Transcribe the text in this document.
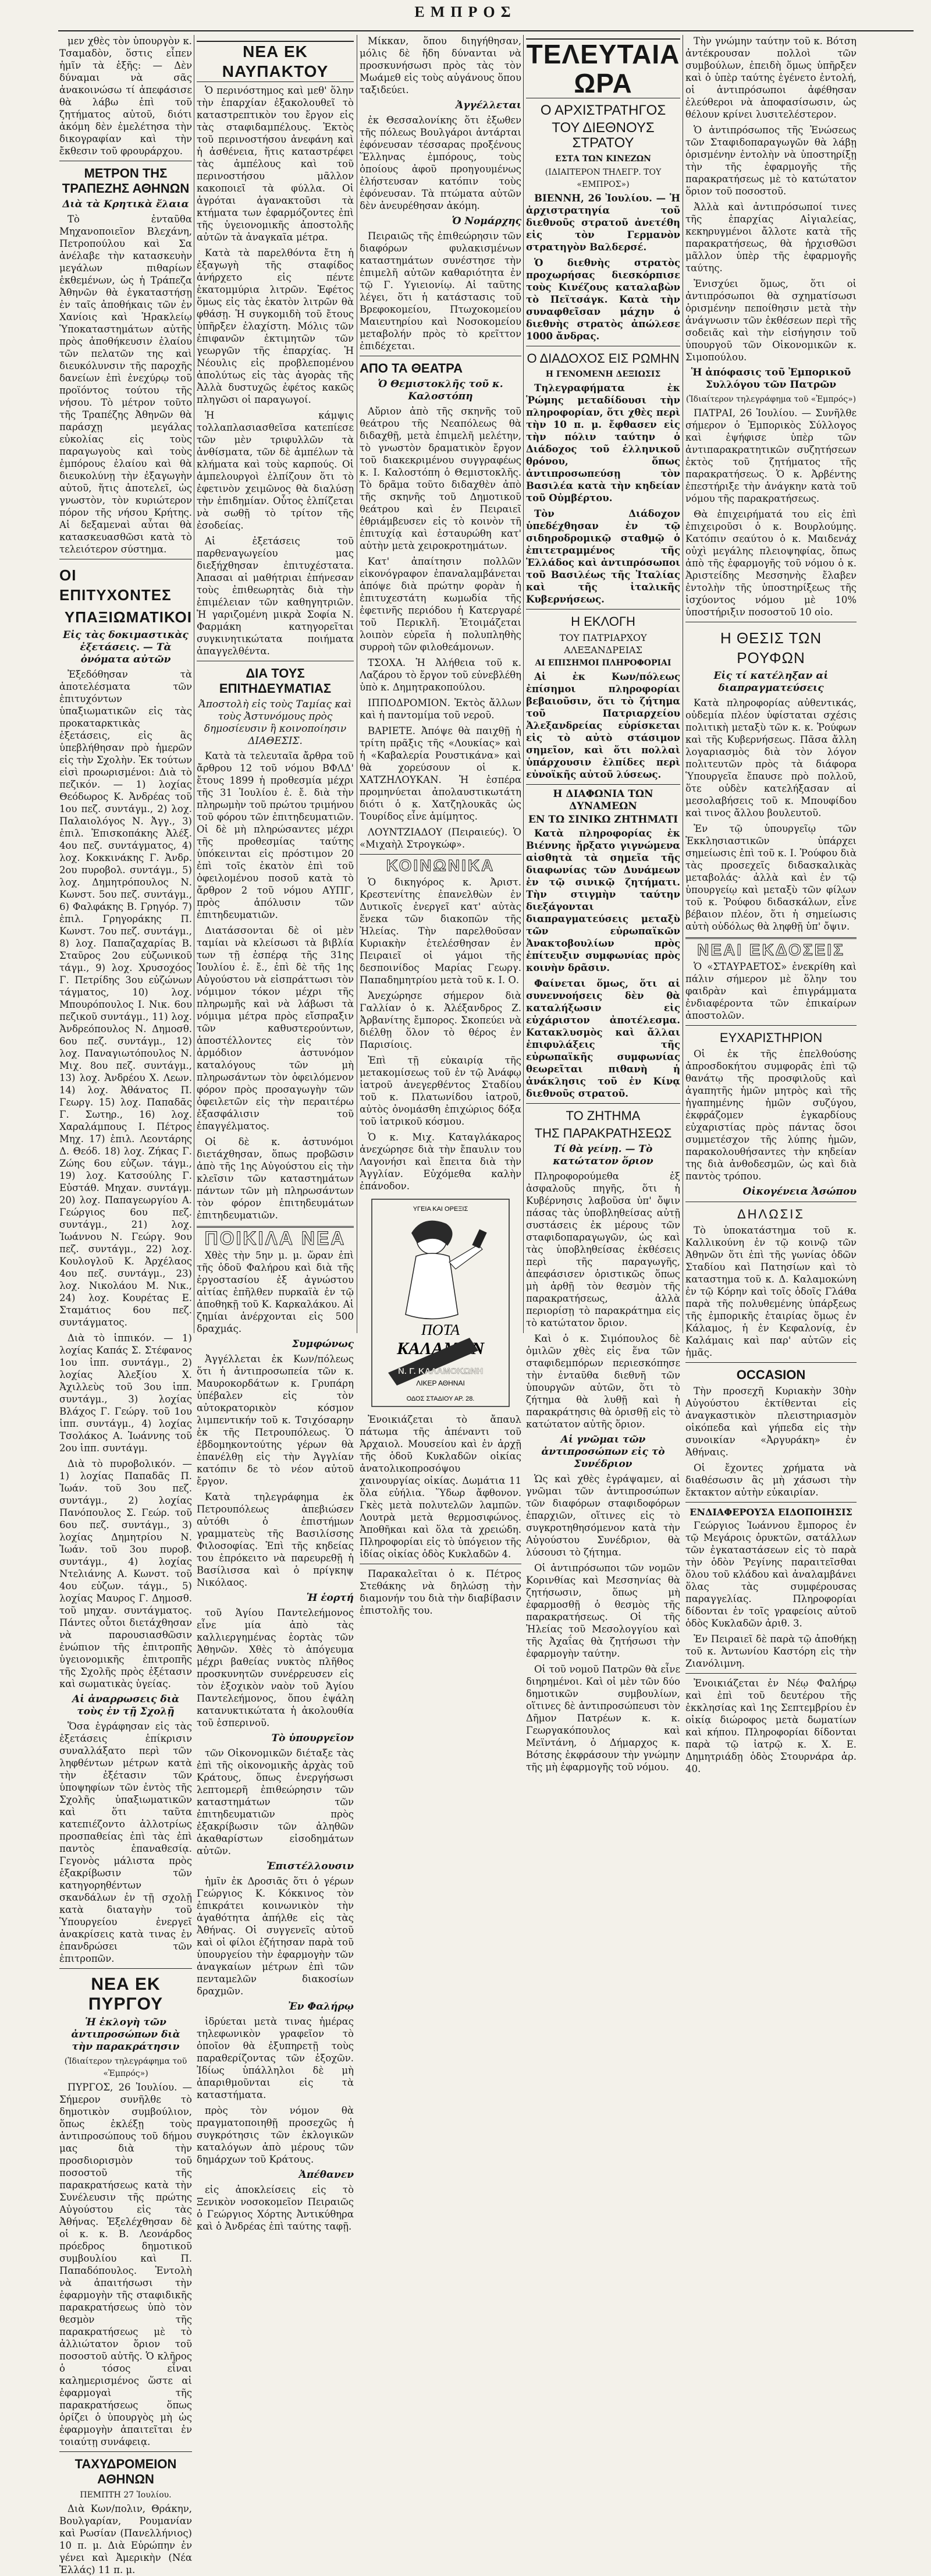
ΕΜΠΡΟΣ

μεν χθὲς τὸν ὑπουργὸν κ. Τσαμαδὸν, ὅστις εἶπεν ἡμῖν τὰ ἑξῆς: — Δὲν δύναμαι νὰ σᾶς ἀνακοινώσω τί ἀπεφάσισε θὰ λάβω ἐπὶ τοῦ ζητήματος αὐτοῦ, διότι ἀκόμη δὲν ἐμελέτησα τὴν δικογραφίαν καὶ τὴν ἔκθεσιν τοῦ φρουράρχου.

ΜΕΤΡΟΝ ΤΗΣ ΤΡΑΠΕΖΗΣ ΑΘΗΝΩΝ
Διὰ τὰ Κρητικὰ ἔλαια

Τὸ ἐνταῦθα Μηχανοποιεῖον Βλεχάνη, Πετροπούλου καὶ Σα ἀνέλαβε τὴν κατασκευὴν μεγάλων πιθαρίων ἐκθεμένων, ὡς ἡ Τράπεζα Ἀθηνῶν θὰ ἐγκαταστήσῃ ἐν ταῖς ἀποθήκαις τῶν ἐν Χανίοις καὶ Ἡρακλείῳ Ὑποκαταστημάτων αὐτῆς πρὸς ἀποθήκευσιν ἐλαίου τῶν πελατῶν της καὶ διευκόλυνσιν τῆς παροχῆς δανείων ἐπὶ ἐνεχύρῳ τοῦ προϊόντος τούτου τῆς νήσου. Τὸ μέτρον τοῦτο τῆς Τραπέζης Ἀθηνῶν θὰ παράσχῃ μεγάλας εὐκολίας εἰς τοὺς παραγωγοὺς καὶ τοὺς ἐμπόρους ἐλαίου καὶ θὰ διευκολύνῃ τὴν ἐξαγωγὴν αὐτοῦ, ἥτις ἀποτελεῖ, ὡς γνωστὸν, τὸν κυριώτερον πόρον τῆς νήσου Κρήτης. Αἱ δεξαμεναὶ αὗται θὰ κατασκευασθῶσι κατὰ τὸ τελειότερον σύστημα.

ΟΙ ΕΠΙΤΥΧΟΝΤΕΣ
ΥΠΑΞΙΩΜΑΤΙΚΟΙ
Εἰς τὰς δοκιμαστικὰς ἐξετάσεις. — Τὰ ὀνόματα αὐτῶν

Ἐξεδόθησαν τὰ ἀποτελέσματα τῶν ἐπιτυχόντων ὑπαξιωματικῶν εἰς τὰς προκαταρκτικὰς ἐξετάσεις, εἰς ἃς ὑπεβλήθησαν πρὸ ἡμερῶν εἰς τὴν Σχολὴν. Ἐκ τούτων εἰσὶ προωρισμένοι: Διὰ τὸ πεζικόν. — 1) λοχίας Θεόδωρος Κ. Ἀνδρέας τοῦ 1ου πεζ. συντάγμ., 2) λοχ. Παλαιολόγος Ν. Ἀγγ., 3) ἐπιλ. Ἐπισκοπάκης Ἀλέξ. 4ου πεζ. συντάγματος, 4) λοχ. Κοκκινάκης Γ. Ἀνδρ. 2ου πυροβολ. συντάγμ., 5) λοχ. Δημητρόπουλος Ν. Κωνστ. 5ου πεζ. συντάγμ., 6) Φαλφάκης Β. Γρηγόρ. 7) ἐπιλ. Γρηγοράκης Π. Κωνστ. 7ου πεζ. συντάγμ., 8) λοχ. Παπαζαχαρίας Β. Σταῦρος 2ου εὐζωνικοῦ τάγμ., 9) λοχ. Χρυσοχόος Γ. Πετρίδης 3ου εὐζώνων τάγματος, 10) λοχ. Μπουρόπουλος Ι. Νικ. 6ου πεζικοῦ συντάγμ., 11) λοχ. Ἀνδρεόπουλος Ν. Δημοσθ. 6ου πεζ. συντάγμ., 12) λοχ. Παναγιωτόπουλος Ν. Μιχ. 8ου πεζ. συντάγμ., 13) λοχ. Ἀνδρέου Χ. Λεων. 14) λοχ. Ἀθάνατος Π. Γεωργ. 15) λοχ. Παπαδᾶς Γ. Σωτηρ., 16) λοχ. Χαραλάμπους Ι. Πέτρος Μηχ. 17) ἐπιλ. Λεοντάρης Δ. Θεόδ. 18) λοχ. Ζήκας Γ. Ζώης 6ου εὐζων. τάγμ., 19) λοχ. Κατσούλης Γ. Εὐστάθ. Μηχαν. συντάγμ. 20) λοχ. Παπαγεωργίου Α. Γεώργιος 6ου πεζ. συντάγμ., 21) λοχ. Ἰωάννου Ν. Γεώργ. 9ου πεζ. συντάγμ., 22) λοχ. Κουλογλοῦ Κ. Ἀρχέλαος 4ου πεζ. συντάγμ., 23) λοχ. Νικολάου Μ. Νικ., 24) λοχ. Κουρέτας Ε. Σταμάτιος 6ου πεζ. συντάγματος.

Διὰ τὸ ἱππικόν. — 1) λοχίας Καπάς Σ. Στέφανος 1ου ἱππ. συντάγμ., 2) λοχίας Ἀλεξίου Χ. Ἀχιλλεὺς τοῦ 3ου ἱππ. συντάγμ., 3) λοχίας Βλάχος Γ. Γεώργ. τοῦ 1ου ἱππ. συντάγμ., 4) λοχίας Τσολάκος Α. Ἰωάννης τοῦ 2ου ἱππ. συντάγμ.

Διὰ τὸ πυροβολικόν. — 1) λοχίας Παπαδᾶς Π. Ἰωάν. τοῦ 3ου πεζ. συντάγμ., 2) λοχίας Πανόπουλος Σ. Γεώρ. τοῦ 6ου πεζ. συντάγμ., 3) λοχίας Δημητρίου Ν. Ἰωάν. τοῦ 3ου πυροβ. συντάγμ., 4) λοχίας Ντελιάνης Α. Κωνστ. τοῦ 4ου εὐζων. τάγμ., 5) λοχίας Μαυρος Γ. Δημοσθ. τοῦ μηχαν. συντάγματος. Πάντες οὗτοι διετάχθησαν νὰ παρουσιασθῶσιν ἐνώπιον τῆς ἐπιτροπῆς ὑγειονομικῆς ἐπιτροπῆς τῆς Σχολῆς πρὸς ἐξέτασιν καὶ σωματικὰς ὑγείας.

Αἱ ἀναρρωσεις διὰ τοὺς ἐν τῇ Σχολῇ

Ὅσα ἐγράφησαν εἰς τὰς ἐξετάσεις ἐπίκρισιν συναλλάξατο περὶ τῶν ληφθέντων μέτρων κατὰ τὴν ἐξέτασιν τῶν ὑποψηφίων τῶν ἐντὸς τῆς Σχολῆς ὑπαξιωματικῶν καὶ ὅτι ταῦτα κατεπιέζοντο ἀλλοτρίως προσπαθείας ἐπὶ τὰς ἐπὶ παντὸς ἐπαναθεσίᾳ. Γεγονὸς μάλιστα πρὸς ἐξακρίβωσιν τῶν κατηγορηθέντων σκανδάλων ἐν τῇ σχολῇ κατὰ διαταγὴν τοῦ Ὑπουργείου ἐνεργεῖ ἀνακρίσεις κατὰ τινας ἐν ἐπανδρώσει τῶν ἐπιτροπῶν.

ΝΕΑ ΕΚ ΠΥΡΓΟΥ
Ἡ ἐκλογὴ τῶν ἀντιπροσώπων διὰ τὴν παρακράτησιν
(Ἰδιαίτερον τηλεγράφημα τοῦ «Ἐμπρός»)

ΠΥΡΓΟΣ, 26 Ἰουλίου. — Σήμερον συνῆλθε τὸ δημοτικὸν συμβούλιον, ὅπως ἐκλέξῃ τοὺς ἀντιπροσώπους τοῦ δήμου μας διὰ τὴν προσδιορισμὸν τοῦ ποσοστοῦ τῆς παρακρατήσεως κατὰ τὴν Συνέλευσιν τῆς πρώτης Αὐγούστου εἰς τὰς Ἀθήνας. Ἐξελέχθησαν δὲ οἱ κ. κ. Β. Λεονάρδος πρόεδρος δημοτικοῦ συμβουλίου καὶ Π. Παπαδόπουλος. Ἐντολὴ νὰ ἀπαιτήσωσι τὴν ἐφαρμογὴν τῆς σταφιδικῆς παρακρατήσεως ὑπὸ τὸν θεσμὸν τῆς παρακρατήσεως μὲ τὸ ἀλλιώτατον ὅριον τοῦ ποσοστοῦ αὐτῆς. Ὁ κλῆρος ὁ τόσος εἶναι καλημερισμένος ὥστε αἱ ἐφαρμογαὶ τῆς παρακρατήσεως ὅπως ὁρίζει ὁ ὑπουργὸς μὴ ὡς ἐφαρμογὴν ἀπαιτεῖται ἐν τοιαύτῃ συνάφειᾳ.

ΤΑΧΥΔΡΟΜΕΙΟΝ ΑΘΗΝΩΝ
ΠΕΜΠΤΗ 27 Ἰουλίου.

Διὰ Κων/πολιν, Θράκην, Βουλγαρίαν, Ρουμανίαν καὶ Ρωσίαν (Πανελλήνιος) 10 π. μ. Διὰ Εὐρώπην ἐν γένει καὶ Ἀμερικὴν (Νέα Ἑλλάς) 11 π. μ.

ΝΕΑ ΕΚ ΝΑΥΠΑΚΤΟΥ

Ὁ περινόστημος καὶ μεθ' ὅλην τὴν ἐπαρχίαν ἐξακολουθεῖ τὸ καταστρεπτικὸν του ἔργον εἰς τὰς σταφιδαμπέλους. Ἐκτὸς τοῦ περινοστήσου ἀνεφάνη καὶ ἡ ἀσθένεια, ἥτις καταστρέφει τὰς ἀμπέλους καὶ τοῦ περινοστήσου μᾶλλον κακοποιεῖ τὰ φύλλα. Οἱ ἀγρόται ἀγανακτοῦσι τὰ κτήματα των ἐφαρμόζοντες ἐπὶ τῆς ὑγειονομικῆς ἀποστολῆς αὐτῶν τὰ ἀναγκαῖα μέτρα.

Κατὰ τὰ παρελθόντα ἔτη ἡ ἐξαγωγὴ τῆς σταφίδος ἀνήρχετο εἰς πέντε ἑκατομμύρια λιτρῶν. Ἐφέτος ὅμως εἰς τὰς ἑκατὸν λιτρῶν θὰ φθάσῃ. Ἡ συγκομιδὴ τοῦ ἔτους ὑπῆρξεν ἐλαχίστη. Μόλις τῶν ἐπιφανῶν ἐκτιμητῶν τῶν γεωργῶν τῆς ἐπαρχίας. Ἡ Νέουλις εἰς προβλεπομένου ἀπολύτως εἰς τὰς ἀγορὰς τῆς Ἀλλὰ δυστυχῶς ἐφέτος κακῶς πληγῶσι οἱ παραγωγοί.

Ἡ κάμψις τολλαπλασιασθεῖσα κατεπίεσε τῶν μὲν τριφυλλῶν τὰ ἀνθίσματα, τῶν δὲ ἀμπέλων τὰ κλήματα καὶ τοὺς καρπούς. Οἱ ἀμπελουργοὶ ἐλπίζουν ὅτι τὸ ἐφετινὸν χειμῶνος θὰ διαλύσῃ τὴν ἐπιδημίαν. Οὗτος ἐλπίζεται νὰ σωθῇ τὸ τρίτον τῆς ἐσοδείας.

Αἱ ἐξετάσεις τοῦ παρθεναγωγείου μας διεξήχθησαν ἐπιτυχέστατα. Ἀπασαι αἱ μαθήτριαι ἐπήνεσαν τοὺς ἐπιθεωρητὰς διὰ τὴν ἐπιμέλειαν τῶν καθηγητριῶν. Ἡ γαριζομένη μικρὰ Σοφία Ν. Φαρμάκη κατηγορεῖται συγκινητικώτατα ποιήματα ἀπαγγελθέντα.

ΔΙΑ ΤΟΥΣ ΕΠΙΤΗΔΕΥΜΑΤΙΑΣ
Ἀποστολὴ εἰς τοὺς Ταμίας καὶ τοὺς Ἀστυνόμους πρὸς δημοσίευσιν ἢ κοινοποίησιν ΔΙΑΘΕΣΙΣ.

Κατὰ τὰ τελευταῖα ἄρθρα τοῦ ἄρθρου 12 τοῦ νόμου ΒΦΛΔ' ἔτους 1899 ἡ προθεσμία μέχρι τῆς 31 Ἰουλίου ἐ. ἔ. διὰ τὴν πληρωμὴν τοῦ πρώτου τριμήνου τοῦ φόρου τῶν ἐπιτηδευματιῶν. Οἱ δὲ μὴ πληρώσαντες μέχρι τῆς προθεσμίας ταύτης ὑπόκεινται εἰς πρόστιμον 20 ἐπὶ τοῖς ἑκατὸν ἐπὶ τοῦ ὀφειλομένου ποσοῦ κατὰ τὸ ἄρθρον 2 τοῦ νόμου ΑΥΠΓ, πρὸς ἀπόλυσιν τῶν ἐπιτηδευματιῶν.

Διατάσσονται δὲ οἱ μὲν ταμίαι νὰ κλείσωσι τὰ βιβλία των τῇ ἑσπέρᾳ τῆς 31ης Ἰουλίου ἐ. ἔ., ἐπὶ δὲ τῆς 1ης Αὐγούστου νὰ εἰσπράττωσι τὸν νόμιμον τόκον μέχρι τῆς πληρωμῆς καὶ νὰ λάβωσι τὰ νόμιμα μέτρα πρὸς εἴσπραξιν τῶν καθυστερούντων, ἀποστέλλοντες εἰς τὸν ἀρμόδιον ἀστυνόμον καταλόγους τῶν μὴ πληρωσάντων τὸν ὀφειλόμενον φόρον πρὸς προσαγωγὴν τῶν ὀφειλετῶν εἰς τὴν περαιτέρω ἐξασφάλισιν τοῦ ἐπαγγέλματος.

Οἱ δὲ κ. ἀστυνόμοι διετάχθησαν, ὅπως προβῶσιν ἀπὸ τῆς 1ης Αὐγούστου εἰς τὴν κλεῖσιν τῶν καταστημάτων πάντων τῶν μὴ πληρωσάντων τὸν φόρον ἐπιτηδευμάτων ἐπιτηδευματιῶν.

ΠΟΙΚΙΛΑ ΝΕΑ

Χθὲς τὴν 5ην μ. μ. ὥραν ἐπὶ τῆς ὁδοῦ Φαλήρου καὶ διὰ τῆς ἐργοστασίου ἐξ ἀγνώστου αἰτίας ἐπῆλθεν πυρκαϊὰ ἐν τῷ ἀποθηκῇ τοῦ Κ. Καρκαλάκου. Αἱ ζημίαι ἀνέρχονται εἰς 500 δραχμάς.

Συμφώνως

Ἀγγέλλεται ἐκ Κων/πόλεως ὅτι ἡ ἀντιπροσωπεία τῶν κ. Μαυροκορδάτων κ. Γρυπάρη ὑπέβαλεν εἰς τὸν αὐτοκρατορικὸν κόσμον λιμπεντικήν τοῦ κ. Τσιχόσαρην ἐκ τῆς Πετρουπόλεως. Ὁ ἐβδομηκοντούτης γέρων θὰ ἐπανέλθῃ εἰς τὴν Ἀγγλίαν κατόπιν δε τὸ νέον αὐτοῦ ἔργον.

Κατὰ τηλεγράφημα ἐκ Πετρουπόλεως ἀπεβιώσεν αὐτόθι ὁ ἐπιστήμων γραμματεὺς τῆς Βασιλίσσης Φιλοσοφίας. Ἐπὶ τῆς κηδείας του ἐπρόκειτο νὰ παρευρεθῇ ἡ Βασίλισσα καὶ ὁ πρίγκηψ Νικόλαος.

Ἡ ἑορτή

τοῦ Ἁγίου Παντελεήμονος εἶνε μία ἀπὸ τὰς καλλιεργημένας ἑορτὰς τῶν Ἀθηνῶν. Χθὲς τὸ ἀπόγευμα μέχρι βαθείας νυκτὸς πλῆθος προσκυνητῶν συνέρρευσεν εἰς τὸν ἐξοχικὸν ναὸν τοῦ Ἁγίου Παντελεήμονος, ὅπου ἐψάλη κατανυκτικώτατα ἡ ἀκολουθία τοῦ ἑσπερινοῦ.

Τὸ ὑπουργεῖον

τῶν Οἰκονομικῶν διέταξε τὰς ἐπὶ τῆς οἰκονομικῆς ἀρχὰς τοῦ Κράτους, ὅπως ἐνεργήσωσι λεπτομερῆ ἐπιθεώρησιν τῶν καταστημάτων τῶν ἐπιτηδευματιῶν πρὸς ἐξακρίβωσιν τῶν ἀληθῶν ἀκαθαρίστων εἰσοδημάτων αὐτῶν.

Ἐπιστέλλουσιν

ἡμῖν ἐκ Δροσιᾶς ὅτι ὁ γέρων Γεώργιος Κ. Κόκκινος τὸν ἐπικράτει κοινωνικὸν τὴν ἀγαθότητα ἀπήλθε εἰς τὰς Ἀθήνας. Οἱ συγγενεῖς αὐτοῦ καὶ οἱ φίλοι ἐζήτησαν παρὰ τοῦ ὑπουργείου τὴν ἐφαρμογὴν τῶν ἀναγκαίων μέτρων ἐπὶ τῶν πενταμελῶν διακοσίων δραχμῶν.

Ἐν Φαλήρῳ

ἰδρύεται μετὰ τινας ἡμέρας τηλεφωνικὸν γραφεῖον τὸ ὁποῖον θὰ ἐξυπηρετῇ τοὺς παραθερίζοντας τῶν ἐξοχῶν. Ἰδίως ὑπάλληλοι δὲ μὴ ἀπαριθμοῦνται εἰς τὰ καταστήματα.

πρὸς τὸν νόμον θὰ πραγματοποιηθῇ προσεχῶς ἡ συγκρότησις τῶν ἐκλογικῶν καταλόγων ἀπὸ μέρους τῶν δημάρχων τοῦ Κράτους.

Ἀπέθανεν

εἰς ἀποκλείσεις εἰς τὸ Ξενικὸν νοσοκομεῖον Πειραιῶς ὁ Γεώργιος Χόρτης Ἀντικύθηρα καὶ ὁ Ἀνδρέας ἐπὶ ταύτης ταφῇ.

Μίκκαν, ὅπου διηγήθησαν, μόλις δὲ ἤδη δύνανται νὰ προσκυνήσωσι πρὸς τὰς τὸν Μωάμεθ εἰς τοὺς αὐγάνους ὅπου ταξιδεύει.

Ἀγγέλλεται

ἐκ Θεσσαλονίκης ὅτι ἐξωθεν τῆς πόλεως Βουλγάροι ἀντάρται ἐφόνευσαν τέσσαρας προξένους Ἕλληνας ἐμπόρους, τοὺς ὁποίους ἀφοῦ προηγουμένως ἐλήστευσαν κατόπιν τοὺς ἐφόνευσαν. Τὰ πτώματα αὐτῶν δὲν ἀνευρέθησαν ἀκόμη.

Ὁ Νομάρχης

Πειραιῶς τῆς ἐπιθεώρησιν τῶν διαφόρων φυλακισμένων καταστημάτων συνέστησε τὴν ἐπιμελῆ αὐτῶν καθαριότητα ἐν τῷ Γ. Υγιειονίῳ. Αἱ ταῦτης λέγει, ὅτι ἡ κατάστασις τοῦ Βρεφοκομείου, Πτωχοκομείου Μαιευτηρίου καὶ Νοσοκομείου μεταβολήν πρὸς τὸ κρεῖττον ἐπιδέχεται.

ΑΠΟ ΤΑ ΘΕΑΤΡΑ
Ὁ Θεμιστοκλῆς τοῦ κ. Καλοστόπη

Αὔριον ἀπὸ τῆς σκηνῆς τοῦ θεάτρου τῆς Νεαπόλεως θὰ διδαχθῇ, μετὰ ἐπιμελῆ μελέτην, τὸ γνωστὸν δραματικὸν ἔργον τοῦ διακεκριμένου συγγραφέως κ. Ι. Καλοστόπη ὁ Θεμιστοκλῆς. Τὸ δρᾶμα τοῦτο διδαχθὲν ἀπὸ τῆς σκηνῆς τοῦ Δημοτικοῦ θεάτρου καὶ ἐν Πειραιεῖ ἐθριάμβευσεν εἰς τὸ κοινὸν τῆ ἐπιτυχίᾳ καὶ ἐσταυρώθη κατ' αὐτὴν μετὰ χειροκροτημάτων.

Κατ' ἀπαίτησιν πολλῶν εἰκονόγραφον ἐπαναλαμβάνεται ἀπόψε διὰ πρώτην φορὰν ἡ ἐπιτυχεστάτη κωμωδία τῆς ἐφετινῆς περιόδου ἡ Κατεργαρέ τοῦ Περικλῆ. Ἐτοιμάζεται λοιπὸν εὐρεῖα ἡ πολυπληθὴς συρροὴ τῶν φιλοθεάμονων.

ΤΣΟΧΑ. Ἡ Ἀλήθεια τοῦ κ. Λαζάρου τὸ ἔργον τοῦ εὐνεβλέθη ὑπὸ κ. Δημητρακοπούλου.

ΙΠΠΟΔΡΟΜΙΟΝ. Ἐκτὸς ἄλλων καὶ ἡ παντομίμα τοῦ νεροῦ.

ΒΑΡΙΕΤΕ. Ἀπόψε θὰ παιχθῇ ἡ τρίτη πρᾶξις τῆς «Λουκίας» καὶ ἡ «Καβαλερία Ρουστικάνα» καὶ θὰ χορεύσουν οἱ κ. ΧΑΤΖΗΛΟΥΚΑΝ. Ἡ ἑσπέρα προμηνύεται ἀπολαυστικωτάτη διότι ὁ κ. Χατζηλουκᾶς ὡς Τουρίδος εἶνε ἀμίμητος.

ΛΟΥΝΤΖΙΑΔΟΥ (Πειραιεύς). Ὁ «Μιχαὴλ Στρογκώφ».

ΚΟΙΝΩΝΙΚΑ

Ὁ δικηγόρος κ. Ἀριστ. Κρεστενίτης ἐπανελθὼν ἐν Δυτικοῖς ἐνεργεῖ κατ' αὐτὰς ἕνεκα τῶν διακοπῶν τῆς Ἠλείας. Τὴν παρελθοῦσαν Κυριακὴν ἐτελέσθησαν ἐν Πειραιεῖ οἱ γάμοι τῆς δεσποινίδος Μαρίας Γεωργ. Παπαδημητρίου μετὰ τοῦ κ. Ι. Ο.

Ἀνεχώρησε σήμερον διὰ Γαλλίαν ὁ κ. Ἀλέξανδρος Ζ. Ἀρβανίτης ἔμπορος. Σκοπεύει νὰ διέλθῃ ὅλον τὸ θέρος ἐν Παρισίοις.

Ἐπὶ τῇ εὐκαιρίᾳ τῆς μετακομίσεως τοῦ ἐν τῷ Ἀνάφῳ ἰατροῦ ἀνεγερθέντος Σταδίου τοῦ κ. Πλατωνίδου ἰατροῦ, αὐτὸς ὀνομάσθη ἐπιχώριος δόξα τοῦ ἰατρικοῦ κόσμου.

Ὁ κ. Μιχ. Καταγλάκαρος ἀνεχώρησε διὰ τὴν ἔπαυλιν του Λαγονήσι καὶ ἔπειτα διὰ τὴν Ἀγγλίαν. Εὐχόμεθα καλὴν ἐπάνοδον.

ΥΓΕΙΑ ΚΑΙ ΟΡΕΞΙΣ
ΠΟΤΑ
ΚΑΛΑΜΟΝ
Ν. Γ. ΚΑΛΑΜΟΚΩΝΗ
ΛΙΚΕΡ ΑΘΗΝΑΙ
ΟΔΟΣ ΣΤΑΔΙΟΥ ΑΡ. 28.

Ἐνοικιάζεται τὸ ἄπαυλ πάτωμα τῆς ἀπέναντι τοῦ Ἀρχαιολ. Μουσείου καὶ ἐν ἀρχῇ τῆς ὁδοῦ Κυκλαδῶν οἰκίας ἀνατολικοπροσόψου χαινουργίας οἰκίας. Δωμάτια 11 ὅλα εὐήλια. Ὕδωρ ἄφθονον. Γκὲς μετὰ πολυτελῶν λαμπῶν. Λουτρὰ μετὰ θερμοσιφώνος. Ἀποθῆκαι καὶ ὅλα τὰ χρειώδη. Πληροφορίαι εἰς τὸ ὑπόγειον τῆς ἰδίας οἰκίας ὁδὸς Κυκλαδῶν 4.

Παρακαλεῖται ὁ κ. Πέτρος Στεθάκης νὰ δηλώσῃ τὴν διαμονήν του διὰ τὴν διαβίβασιν ἐπιστολῆς του.

ΤΕΛΕΥΤΑΙΑ ΩΡΑ
Ο ΑΡΧΙΣΤΡΑΤΗΓΟΣ
ΤΟΥ ΔΙΕΘΝΟΥΣ ΣΤΡΑΤΟΥ
ΕΣΤΑ ΤΩΝ ΚΙΝΕΖΩΝ
(ΙΔΙΑΙΤΕΡΟΝ ΤΗΛΕΓΡ. ΤΟΥ «ΕΜΠΡΟΣ»)

ΒΙΕΝΝΗ, 26 Ἰουλίου. — Ἡ ἀρχιστρατηγία τοῦ διεθνοῦς στρατοῦ ἀνετέθη εἰς τὸν Γερμανὸν στρατηγὸν Βαλδερσέ.

Ὁ διεθνὴς στρατὸς προχωρήσας διεσκόρπισε τοὺς Κινέζους καταλαβὼν τὸ Πεϊτσάγκ. Κατὰ τὴν συναφθεῖσαν μάχην ὁ διεθνὴς στρατὸς ἀπώλεσε 1000 ἄνδρας.

Ο ΔΙΑΔΟΧΟΣ ΕΙΣ ΡΩΜΗΝ
Η ΓΕΝΟΜΕΝΗ ΔΕΞΙΩΣΙΣ

Τηλεγραφήματα ἐκ Ῥώμης μεταδίδουσι τὴν πληροφορίαν, ὅτι χθὲς περὶ τὴν 10 π. μ. ἔφθασεν εἰς τὴν πόλιν ταύτην ὁ Διάδοχος τοῦ ἑλληνικοῦ θρόνου, ὅπως ἀντιπροσωπεύσῃ τὸν Βασιλέα κατὰ τὴν κηδείαν τοῦ Οὐμβέρτου.

Τὸν Διάδοχον ὑπεδέχθησαν ἐν τῷ σιδηροδρομικῷ σταθμῷ ὁ ἐπιτετραμμένος τῆς Ἑλλάδος καὶ ἀντιπρόσωποι τοῦ Βασιλέως τῆς Ἰταλίας καὶ τῆς ἰταλικῆς Κυβερνήσεως.

Η ΕΚΛΟΓΗ
ΤΟΥ ΠΑΤΡΙΑΡΧΟΥ ΑΛΕΞΑΝΔΡΕΙΑΣ
ΑΙ ΕΠΙΣΗΜΟΙ ΠΛΗΡΟΦΟΡΙΑΙ

Αἱ ἐκ Κων/πόλεως ἐπίσημοι πληροφορίαι βεβαιοῦσιν, ὅτι τὸ ζήτημα τοῦ Πατριαρχείου Ἀλεξανδρείας εὑρίσκεται εἰς τὸ αὐτὸ στάσιμον σημεῖον, καὶ ὅτι πολλαὶ ὑπάρχουσιν ἐλπίδες περὶ εὐνοϊκῆς αὐτοῦ λύσεως.

Η ΔΙΑΦΩΝΙΑ ΤΩΝ ΔΥΝΑΜΕΩΝ
ΕΝ ΤΩ ΣΙΝΙΚΩ ΖΗΤΗΜΑΤΙ

Κατὰ πληροφορίας ἐκ Βιέννης ἤρξατο γιγνώμενα αἰσθητὰ τὰ σημεῖα τῆς διαφωνίας τῶν Δυνάμεων ἐν τῷ σινικῷ ζητήματι. Τὴν στιγμὴν ταύτην διεξάγονται διαπραγματεύσεις μεταξὺ τῶν εὐρωπαϊκῶν Ἀνακτοβουλίων πρὸς ἐπίτευξιν συμφωνίας πρὸς κοινὴν δρᾶσιν.

Φαίνεται ὅμως, ὅτι αἱ συνεννοήσεις δὲν θὰ καταλήξωσιν εἰς εὐχάριστον ἀποτέλεσμα. Κατακλυσμὸς καὶ ἄλλαι ἐπιφυλάξεις τῆς εὐρωπαϊκῆς συμφωνίας θεωρεῖται πιθανὴ ἡ ἀνάκλησις τοῦ ἐν Κίνᾳ διεθνοῦς στρατοῦ.

ΤΟ ΖΗΤΗΜΑ
ΤΗΣ ΠΑΡΑΚΡΑΤΗΣΕΩΣ
Τί θὰ γείνῃ. — Τὸ κατώτατον ὅριον

Πληροφορούμεθα ἐξ ἀσφαλοῦς πηγῆς, ὅτι ἡ Κυβέρνησις λαβοῦσα ὑπ' ὄψιν πάσας τὰς ὑποβληθείσας αὐτῇ συστάσεις ἐκ μέρους τῶν σταφιδοπαραγωγῶν, ὡς καὶ τὰς ὑποβληθείσας ἐκθέσεις περὶ τῆς παραγωγῆς, ἀπεφάσισεν ὁριστικῶς ὅπως μὴ ἀρθῇ τὸν θεσμὸν τῆς παρακρατήσεως, ἀλλὰ περιορίσῃ τὸ παρακράτημα εἰς τὸ κατώτατον ὅριον.

Καὶ ὁ κ. Σιμόπουλος δὲ ὁμιλῶν χθὲς εἰς ἕνα τῶν σταφιδεμπόρων περιεσκόπησε τὴν ἐνταῦθα διεθνῆ τῶν ὑπουργῶν αὐτῶν, ὅτι τὸ ζήτημα θὰ λυθῇ καὶ ἡ παρακράτησις θὰ ὁρισθῇ εἰς τὸ κατώτατον αὐτῆς ὅριον.

Αἱ γνῶμαι τῶν ἀντιπροσώπων εἰς τὸ Συνέδριον

Ὡς καὶ χθὲς ἐγράψαμεν, αἱ γνῶμαι τῶν ἀντιπροσώπων τῶν διαφόρων σταφιδοφόρων ἐπαρχιῶν, οἵτινες εἰς τὸ συγκροτηθησόμενον κατὰ τὴν Αὐγούστου Συνέδριον, θὰ λύσουσι τὸ ζήτημα.

Οἱ ἀντιπρόσωποι τῶν νομῶν Κορινθίας καὶ Μεσσηνίας θὰ ζητήσωσιν, ὅπως μὴ ἐφαρμοσθῇ ὁ θεσμὸς τῆς παρακρατήσεως. Οἱ τῆς Ἠλείας τοῦ Μεσολογγίου καὶ τῆς Ἀχαΐας θὰ ζητήσωσι τὴν ἐφαρμογὴν ταύτην.

Οἱ τοῦ νομοῦ Πατρῶν θὰ εἶνε διηρημένοι. Καὶ οἱ μὲν τῶν δύο δημοτικῶν συμβουλίων, οἵτινες δὲ ἀντιπροσώπευσι τὸν Δῆμον Πατρέων κ. κ. Γεωργακόπουλος καὶ Μεϊντάνη, ὁ Δήμαρχος κ. Βότσης ἐκφράσουν τὴν γνώμην τῆς μὴ ἐφαρμογῆς τοῦ νόμου.

Τὴν γνώμην ταύτην τοῦ κ. Βότση ἀντέκρουσαν πολλοὶ τῶν συμβούλων, ἐπειδὴ ὅμως ὑπῆρξεν καὶ ὁ ὑπὲρ ταύτης ἐγένετο ἐντολή, οἱ ἀντιπρόσωποι ἀφέθησαν ἐλεύθεροι νὰ ἀποφασίσωσιν, ὡς θέλουν κρίνει λυσιτελέστερον.

Ὁ ἀντιπρόσωπος τῆς Ἑνώσεως τῶν Σταφιδοπαραγωγῶν θὰ λάβῃ ὁρισμένην ἐντολὴν νὰ ὑποστηρίξῃ τὴν τῆς ἐφαρμογῆς τῆς παρακρατήσεως μὲ τὸ κατώτατον ὅριον τοῦ ποσοστοῦ.

Ἀλλὰ καὶ ἀντιπρόσωποί τινες τῆς ἐπαρχίας Αἰγιαλείας, κεκηρυγμένοι ἄλλοτε κατὰ τῆς παρακρατήσεως, θὰ ἠρχισθῶσι μᾶλλον ὑπὲρ τῆς ἐφαρμογῆς ταύτης.

Ἐνισχύει ὅμως, ὅτι οἱ ἀντιπρόσωποι θὰ σχηματίσωσι ὁρισμένην πεποίθησιν μετὰ τὴν ἀνάγνωσιν τῶν ἐκθέσεων περὶ τῆς σοδειᾶς καὶ τὴν εἰσήγησιν τοῦ ὑπουργοῦ τῶν Οἰκονομικῶν κ. Σιμοπούλου.

Ἡ ἀπόφασις τοῦ Ἐμπορικοῦ Συλλόγου τῶν Πατρῶν
(Ἰδιαίτερον τηλεγράφημα τοῦ «Ἐμπρός»)

ΠΑΤΡΑΙ, 26 Ἰουλίου. — Συνῆλθε σήμερον ὁ Ἐμπορικὸς Σύλλογος καὶ ἐψήφισε ὑπὲρ τῶν ἀντιπαρακρατητικῶν συζητήσεων ἐκτὸς τοῦ ζητήματος τῆς παρακρατήσεως. Ὁ κ. Ἀρβέντης ἐπεστήριξε τὴν ἀνάγκην κατὰ τοῦ νόμου τῆς παρακρατήσεως.

Θὰ ἐπιχειρήματά του εἰς ἐπὶ ἐπιχειροῦσι ὁ κ. Βουρλούμης. Κατόπιν σεαύτου ὁ κ. Μαιδενάχ οὐχὶ μεγάλης πλειοψηφίας, ὅπως ἀπὸ τῆς ἐφαρμογῆς τοῦ νόμου ὁ κ. Ἀριστείδης Μεσσηνὴς ἔλαβεν ἐντολὴν τῆς ὑποστηρίξεως τῆς ἰσχύοντος νόμου μὲ 10% ὑποστήριξιν ποσοστοῦ 10 οἰο.

Η ΘΕΣΙΣ ΤΩΝ ΡΟΥΦΩΝ
Εἰς τί κατέληξαν αἱ διαπραγματεύσεις

Κατὰ πληροφορίας αὐθεντικάς, οὐδεμία πλέον ὑφίσταται σχέσις πολιτικὴ μεταξὺ τῶν κ. κ. Ῥούφων καὶ τῆς Κυβερνήσεως. Πᾶσα ἄλλη λογαριασμὸς διὰ τὸν λόγον πολιτευτῶν πρὸς τὰ διάφορα Ὑπουργεῖα ἔπαυσε πρὸ πολλοῦ, ὅτε οὐδὲν κατελήξασαν αἱ μεσολαβήσεις τοῦ κ. Μπουφίδου καὶ τινος ἄλλου βουλευτοῦ.

Ἐν τῷ ὑπουργεῖῳ τῶν Ἐκκλησιαστικῶν ὑπάρχει σημείωσις ἐπὶ τοῦ κ. Ι. Ῥούφου διὰ τὰς προσεχεῖς διδασκαλικὰς μεταβολάς· ἀλλὰ καὶ ἐν τῷ ὑπουργείῳ καὶ μεταξὺ τῶν φίλων τοῦ κ. Ῥούφου διδασκάλων, εἶνε βέβαιον πλέον, ὅτι ἡ σημείωσις αὐτὴ οὐδόλως θὰ ληφθῇ ὑπ' ὄψιν.

ΝΕΑΙ ΕΚΔΟΣΕΙΣ

Ὁ «ΣΤΑΥΡΑΕΤΟΣ» ἐνεκρίθη καὶ πάλιν σήμερον μὲ ὅλην του φαιδρὰν καὶ ἐπιγράμματα ἐνδιαφέροντα τῶν ἐπικαίρων ἀποστολῶν.

ΕΥΧΑΡΙΣΤΗΡΙΟΝ

Οἱ ἐκ τῆς ἐπελθούσης ἀπροσδοκήτου συμφορᾶς ἐπὶ τῷ θανάτῳ τῆς προσφιλοῦς καὶ ἀγαπητῆς ἡμῶν μητρὸς καὶ τῆς ἠγαπημένης ἡμῶν συζύγου, ἐκφράζομεν ἐγκαρδίους εὐχαριστίας πρὸς πάντας ὅσοι συμμετέσχον τῆς λύπης ἡμῶν, παρακολουθήσαντες τὴν κηδείαν της διὰ ἀνθοδεσμῶν, ὡς καὶ διὰ παντὸς τρόπου.

Οἰκογένεια Ἀσώπου
ΔΗΛΩΣΙΣ

Τὸ ὑποκατάστημα τοῦ κ. Καλλικούνη ἐν τῷ κοινῷ τῶν Ἀθηνῶν ὅτι ἐπὶ τῆς γωνίας ὁδῶν Σταδίου καὶ Πατησίων καὶ τὸ καταστημα τοῦ κ. Δ. Καλαμοκώνη ἐν τῷ Κόρην καὶ τοῖς ὁδοῖς Γλάθα παρὰ τῆς πολυθεμένης ὑπάρξεως τῆς ἐμπορικῆς ἑταιρίας ὅμως ἐν Κάλαμος, ἡ ἐν Κεφαλονίᾳ, ἐν Καλάμαις καὶ παρ' αὐτῶν εἰς ἡμᾶς.

OCCASION

Τὴν προσεχῆ Κυριακὴν 30ὴν Αὐγούστου ἐκτίθενται εἰς ἀναγκαστικὸν πλειστηριασμὸν οἰκόπεδα καὶ γήπεδα εἰς τὴν συνοικίαν «Ἀργυράκη» ἐν Ἀθήναις.

Οἱ ἔχοντες χρήματα νὰ διαθέσωσιν ἂς μὴ χάσωσι τὴν ἔκτακτον αὐτὴν εὐκαιρίαν.

ΕΝΔΙΑΦΕΡΟΥΣΑ ΕΙΔΟΠΟΙΗΣΙΣ

Γεώργιος Ἰωάννου ἔμπορος ἐν τῷ Μεγάροις ὁρυκτῶν, σατάλλων τῶν ἐγκαταστάσεων εἰς τὸ παρὰ τὴν ὁδὸν Ῥεγίνης παραιτεῖσθαι ὅλου τοῦ κλάδου καὶ ἀναλαμβάνει ὅλας τὰς συμφέρουσας παραγγελίας. Πληροφορίαι δίδονται ἐν τοῖς γραφείοις αὐτοῦ ὁδὸς Κυκλαδῶν ἀριθ. 3.

Ἐν Πειραιεῖ δὲ παρὰ τῷ ἀποθήκῃ τοῦ κ. Ἀντωνίου Καστόρη εἰς τὴν Ζιανόλιμνη.

Ἐνοικιάζεται ἐν Νέῳ Φαλήρῳ καὶ ἐπὶ τοῦ δευτέρου τῆς ἐκκλησίας καὶ 1ης Σεπτεμβρίου ἐν οἰκίᾳ διώροφος μετὰ δωματίων καὶ κήπου. Πληροφορίαι δίδονται παρὰ τῷ ἰατρῷ κ. Χ. Ε. Δημητριάδῃ ὁδὸς Στουρνάρα ἀρ. 40.
